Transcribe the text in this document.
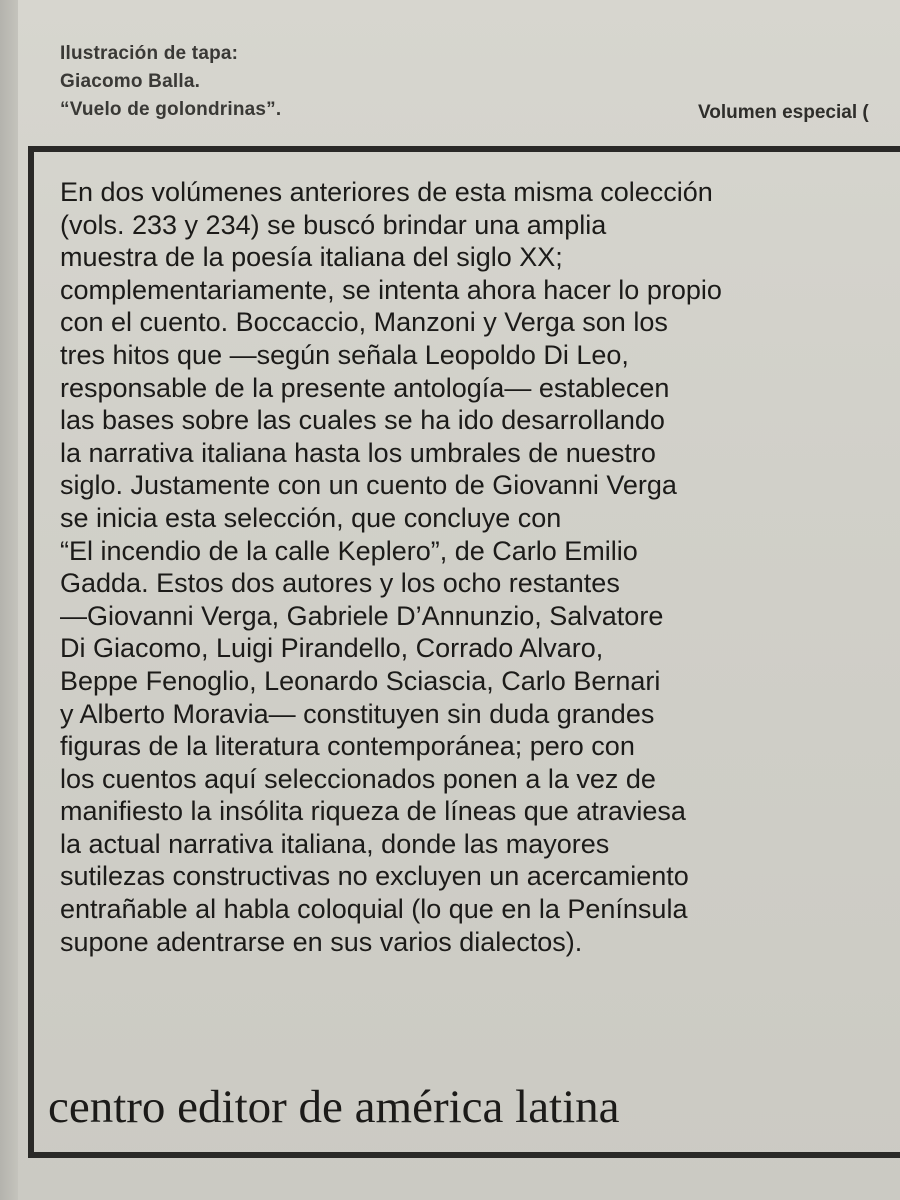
Ilustración de tapa:
Giacomo Balla.
“Vuelo de golondrinas”.	Volumen especial (
En dos volúmenes anteriores de esta misma colección
(vols. 233 y 234) se buscó brindar una amplia
muestra de la poesía italiana del siglo XX;
complementariamente, se intenta ahora hacer lo propio
con el cuento. Boccaccio, Manzoni y Verga son los
tres hitos que —según señala Leopoldo Di Leo,
responsable de la presente antología— establecen
las bases sobre las cuales se ha ido desarrollando
la narrativa italiana hasta los umbrales de nuestro
siglo. Justamente con un cuento de Giovanni Verga
se inicia esta selección, que concluye con
“El incendio de la calle Keplero”, de Carlo Emilio
Gadda. Estos dos autores y los ocho restantes
—Giovanni Verga, Gabriele D’Annunzio, Salvatore
Di Giacomo, Luigi Pirandello, Corrado Alvaro,
Beppe Fenoglio, Leonardo Sciascia, Carlo Bernari
y Alberto Moravia— constituyen sin duda grandes
figuras de la literatura contemporánea; pero con
los cuentos aquí seleccionados ponen a la vez de
manifiesto la insólita riqueza de líneas que atraviesa
la actual narrativa italiana, donde las mayores
sutilezas constructivas no excluyen un acercamiento
entrañable al habla coloquial (lo que en la Península
supone adentrarse en sus varios dialectos).
centro editor de américa latina
